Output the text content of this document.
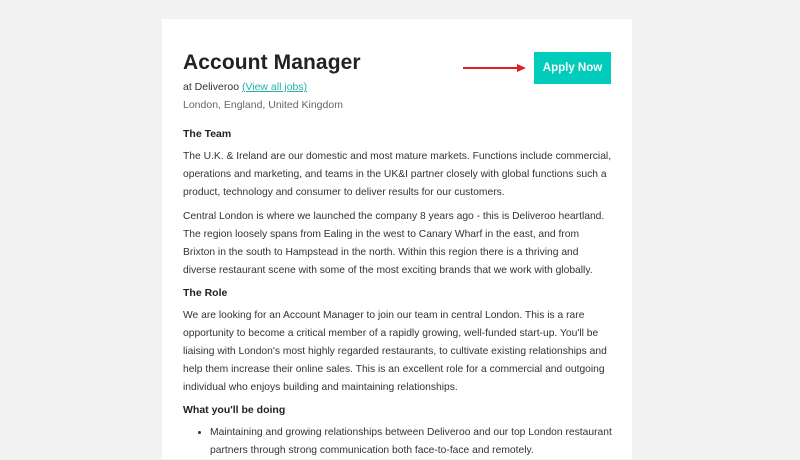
Account Manager
at Deliveroo (View all jobs)
London, England, United Kingdom
Apply Now
The Team

The U.K. & Ireland are our domestic and most mature markets. Functions include commercial, operations and marketing, and teams in the UK&I partner closely with global functions such a product, technology and consumer to deliver results for our customers.

Central London is where we launched the company 8 years ago - this is Deliveroo heartland. The region loosely spans from Ealing in the west to Canary Wharf in the east, and from Brixton in the south to Hampstead in the north. Within this region there is a thriving and diverse restaurant scene with some of the most exciting brands that we work with globally.

The Role

We are looking for an Account Manager to join our team in central London. This is a rare opportunity to become a critical member of a rapidly growing, well-funded start-up. You'll be liaising with London's most highly regarded restaurants, to cultivate existing relationships and help them increase their online sales. This is an excellent role for a commercial and outgoing individual who enjoys building and maintaining relationships.

What you'll be doing
• Maintaining and growing relationships between Deliveroo and our top London restaurant partners through strong communication both face-to-face and remotely.
